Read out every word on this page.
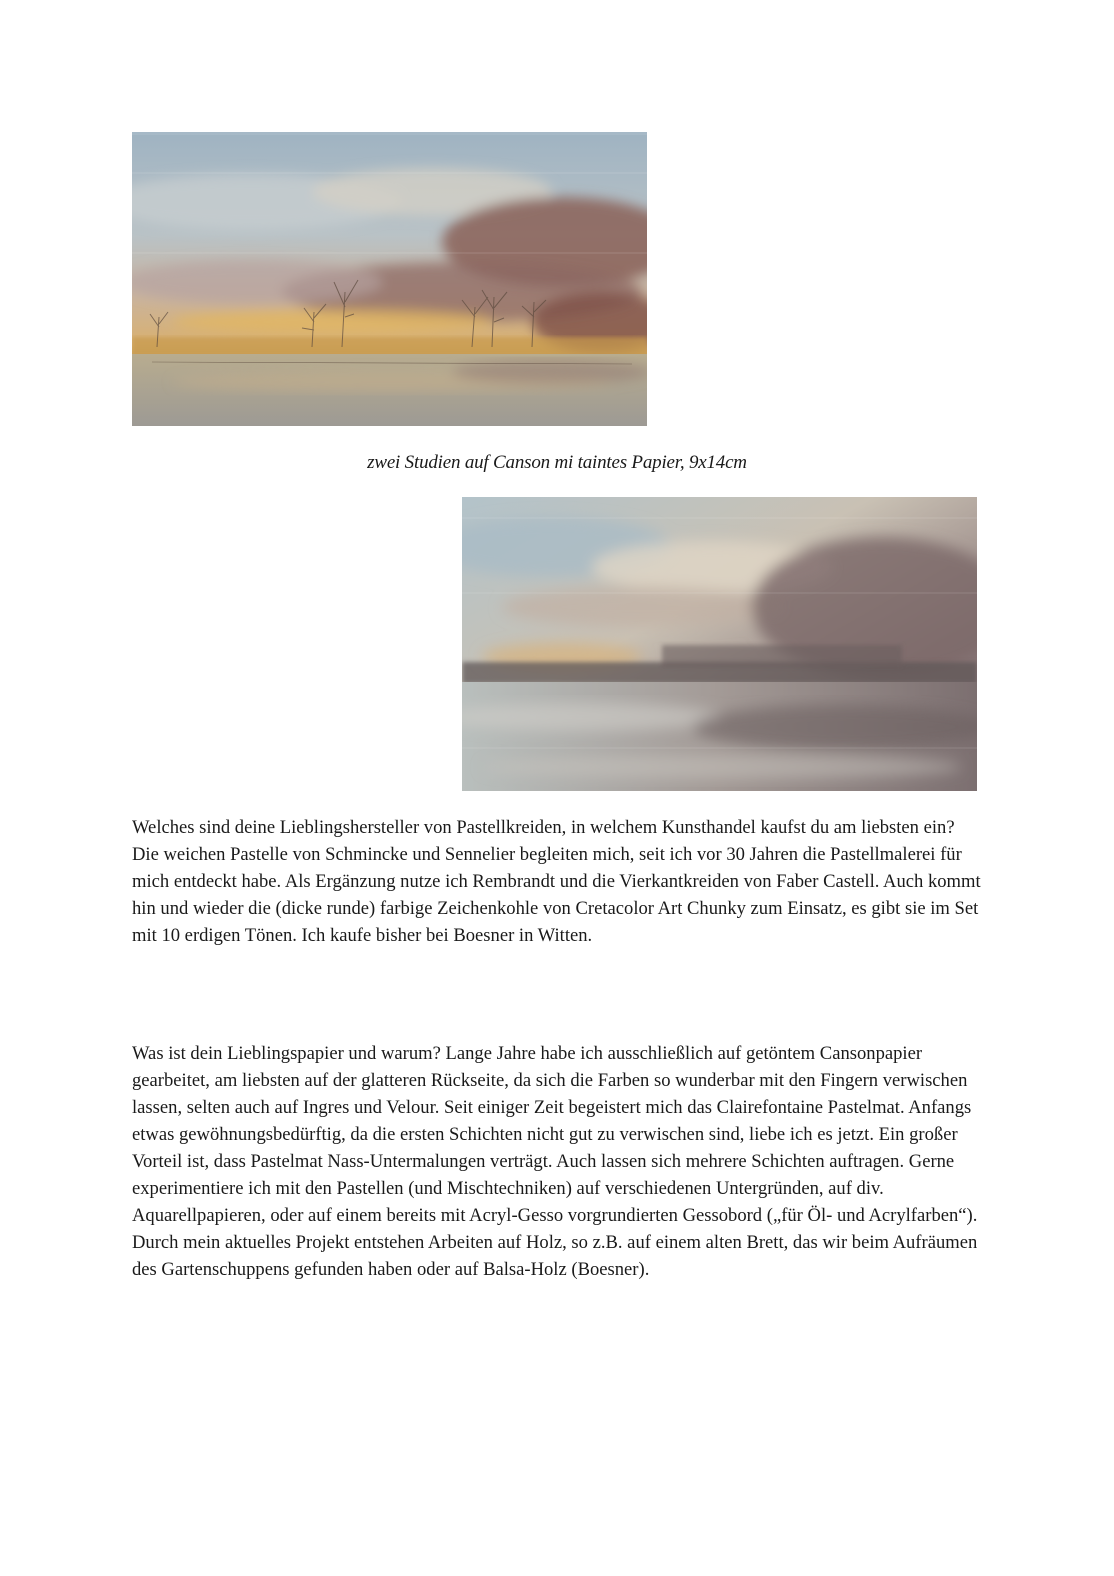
zwei Studien auf Canson mi taintes Papier, 9x14cm

Welches sind deine Lieblingshersteller von Pastellkreiden, in welchem Kunsthandel kaufst du am liebsten ein? Die weichen Pastelle von Schmincke und Sennelier begleiten mich, seit ich vor 30 Jahren die Pastellmalerei für mich entdeckt habe. Als Ergänzung nutze ich Rembrandt und die Vierkantkreiden von Faber Castell. Auch kommt hin und wieder die (dicke runde) farbige Zeichenkohle von Cretacolor Art Chunky zum Einsatz, es gibt sie im Set mit 10 erdigen Tönen. Ich kaufe bisher bei Boesner in Witten.

Was ist dein Lieblingspapier und warum? Lange Jahre habe ich ausschließlich auf getöntem Cansonpapier gearbeitet, am liebsten auf der glatteren Rückseite, da sich die Farben so wunderbar mit den Fingern verwischen lassen, selten auch auf Ingres und Velour. Seit einiger Zeit begeistert mich das Clairefontaine Pastelmat. Anfangs etwas gewöhnungsbedürftig, da die ersten Schichten nicht gut zu verwischen sind, liebe ich es jetzt. Ein großer Vorteil ist, dass Pastelmat Nass-Untermalungen verträgt. Auch lassen sich mehrere Schichten auftragen. Gerne experimentiere ich mit den Pastellen (und Mischtechniken) auf verschiedenen Untergründen, auf div. Aquarellpapieren, oder auf einem bereits mit Acryl-Gesso vorgrundierten Gessobord („für Öl- und Acrylfarben“). Durch mein aktuelles Projekt entstehen Arbeiten auf Holz, so z.B. auf einem alten Brett, das wir beim Aufräumen des Gartenschuppens gefunden haben oder auf Balsa-Holz (Boesner).
